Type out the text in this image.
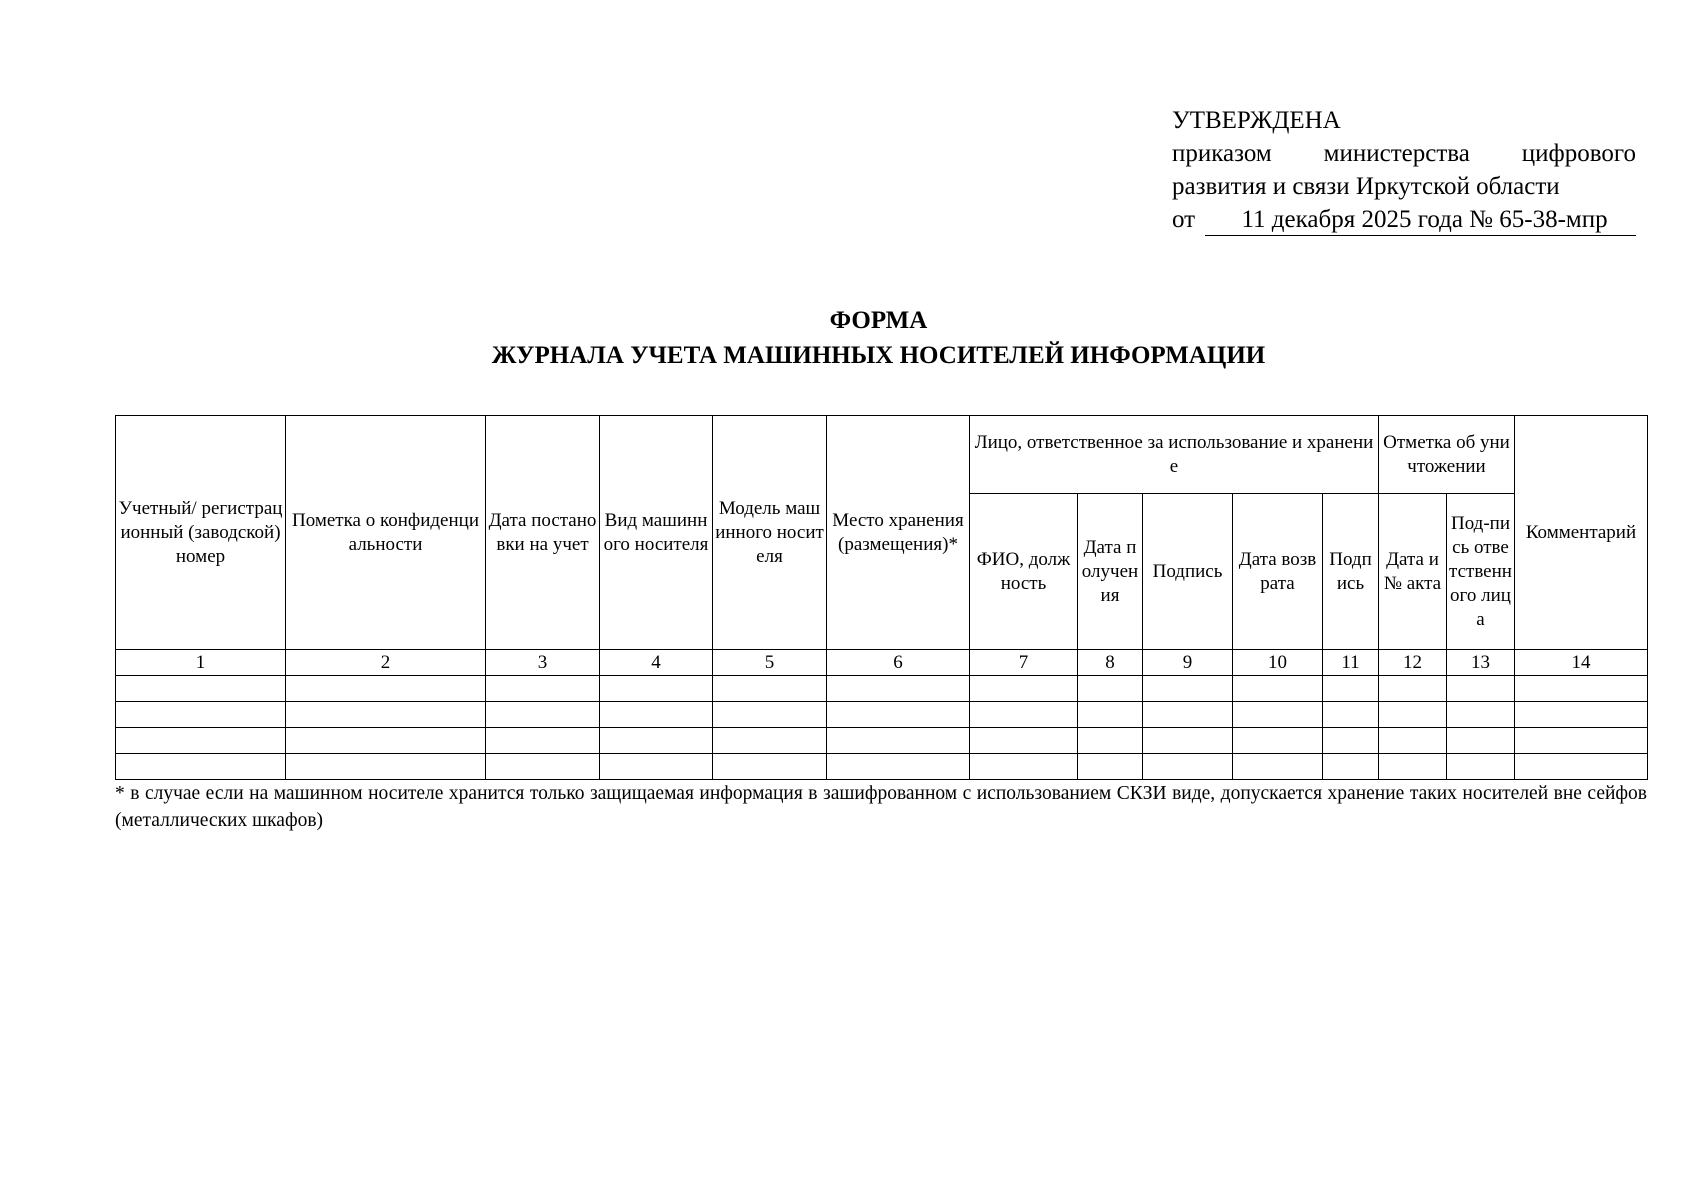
УТВЕРЖДЕНА
приказом министерства цифрового
развития и связи Иркутской области
от	11 декабря 2025 года № 65-38-мпр
ФОРМА
ЖУРНАЛА УЧЕТА МАШИННЫХ НОСИТЕЛЕЙ ИНФОРМАЦИИ
Учетный/ регистрационный (заводской) номер	Пометка о конфиденциальности	Дата постановки на учет	Вид машинного носителя	Модель машинного носителя	Место хранения (размещения)*	Лицо, ответственное за использование и хранение					Отметка об уничтожении		Комментарий
						ФИО, должность	Дата получения	Подпись	Дата возврата	Подпись	Дата и № акта	Под-пись ответственного лица	
1	2	3	4	5	6	7	8	9	10	11	12	13	14

* в случае если на машинном носителе хранится только защищаемая информация в зашифрованном с использованием СКЗИ виде, допускается хранение таких носителей вне сейфов (металлических шкафов)
